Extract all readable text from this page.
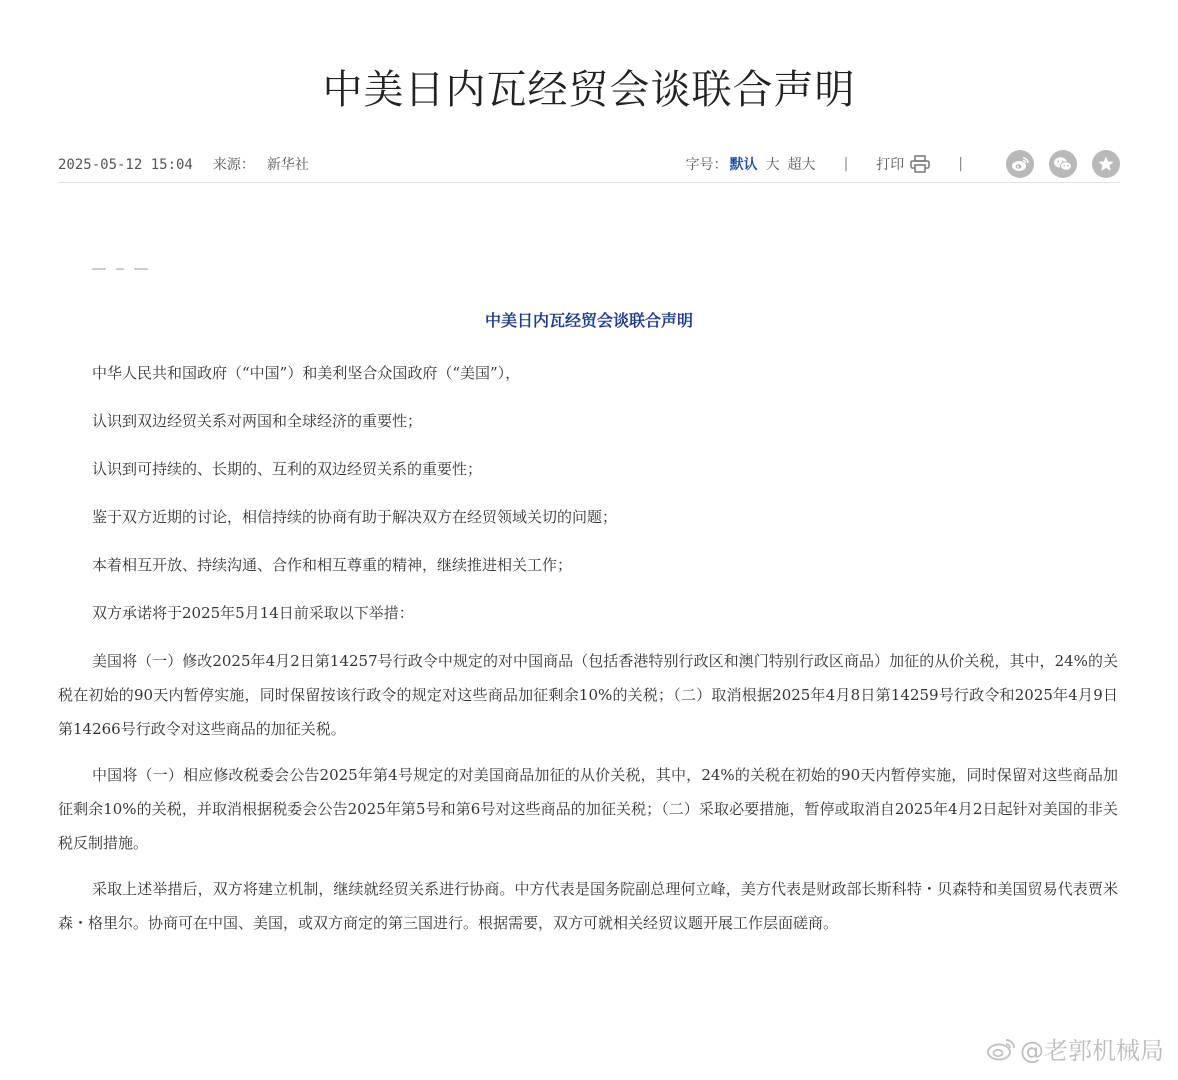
中美日内瓦经贸会谈联合声明
2025-05-12 15:04 来源： 新华社	字号： 默认 大 超大 | 打印	|
中美日内瓦经贸会谈联合声明

中华人民共和国政府（“中国”）和美利坚合众国政府（“美国”），

认识到双边经贸关系对两国和全球经济的重要性；

认识到可持续的、长期的、互利的双边经贸关系的重要性；

鉴于双方近期的讨论，相信持续的协商有助于解决双方在经贸领域关切的问题；

本着相互开放、持续沟通、合作和相互尊重的精神，继续推进相关工作；

双方承诺将于2025年5月14日前采取以下举措：

美国将（一）修改2025年4月2日第14257号行政令中规定的对中国商品（包括香港特别行政区和澳门特别行政区商品）加征的从价关税，其中，24%的关税在初始的90天内暂停实施，同时保留按该行政令的规定对这些商品加征剩余10%的关税；（二）取消根据2025年4月8日第14259号行政令和2025年4月9日第14266号行政令对这些商品的加征关税。

中国将（一）相应修改税委会公告2025年第4号规定的对美国商品加征的从价关税，其中，24%的关税在初始的90天内暂停实施，同时保留对这些商品加征剩余10%的关税，并取消根据税委会公告2025年第5号和第6号对这些商品的加征关税；（二）采取必要措施，暂停或取消自2025年4月2日起针对美国的非关税反制措施。

采取上述举措后，双方将建立机制，继续就经贸关系进行协商。中方代表是国务院副总理何立峰，美方代表是财政部长斯科特・贝森特和美国贸易代表贾米森・格里尔。协商可在中国、美国，或双方商定的第三国进行。根据需要，双方可就相关经贸议题开展工作层面磋商。

@老郭机械局
